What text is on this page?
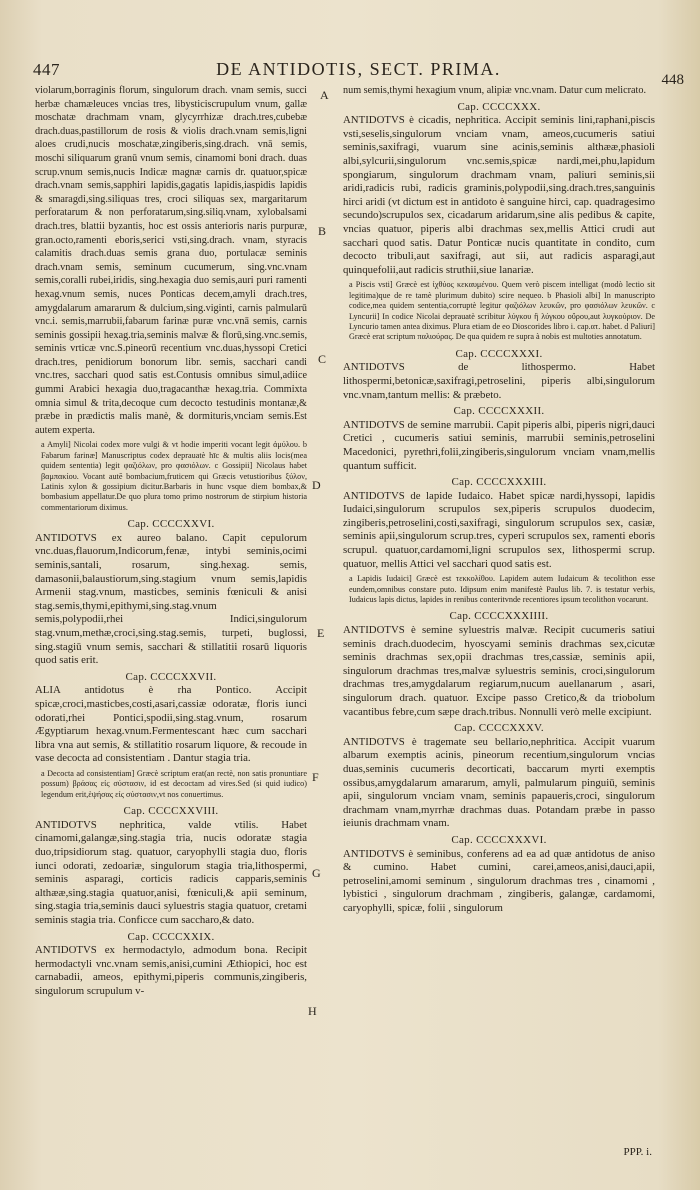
447	DE ANTIDOTIS, SECT. PRIMA.
448
A
B
C
D
E
F
G
H

violarum,borraginis florum, singulorum drach. vnam semis, succi herbæ chamæleuces vncias tres, libysticiscrupulum vnum, gallæ moschatæ drachmam vnam, glycyrrhizæ drach.tres,cubebæ drach.duas,pastillorum de rosis & violis drach.vnam semis,ligni aloes crudi,nucis moschatæ,zingiberis,sing.drach. vnā semis, moschi siliquarum granū vnum semis, cinamomi boni drach. duas scrup.vnum semis,nucis Indicæ magnæ carnis dr. quatuor,spicæ drach.vnam semis,sapphiri lapidis,gagatis lapidis,iaspidis lapidis & smaragdi,sing.siliquas tres, croci siliquas sex, margaritarum perforatarum & non perforatarum,sing.siliq.vnam, xylobalsami drach.tres, blattii byzantis, hoc est ossis anterioris naris purpuræ, gran.octo,ramenti eboris,serici vsti,sing.drach. vnam, styracis calamitis drach.duas semis grana duo, portulacæ seminis drach.vnam semis, seminum cucumerum, sing.vnc.vnam semis,coralli rubei,iridis, sing.hexagia duo semis,auri puri ramenti hexag.vnum semis, nuces Ponticas decem,amyli drach.tres, amygdalarum amararum & dulcium,sing.viginti, carnis palmularū vnc.i. semis,marrubii,fabarum farinæ puræ vnc.vnā semis, carnis seminis gossipii hexag.tria,seminis malvæ & florū,sing.vnc.semis, seminis vrticæ vnc.S.pineorū recentium vnc.duas,hyssopi Cretici drach.tres, penidiorum bonorum libr. semis, sacchari candi vnc.tres, sacchari quod satis est.Contusis omnibus simul,adiice gummi Arabici hexagia duo,tragacanthæ hexag.tria. Commixta omnia simul & trita,decoque cum decocto testudinis montanæ,& præbe in prædictis malis manè, & dormituris,vnciam semis.Est autem experta.

a Amyli] Nicolai codex more vulgi & vt hodie imperiti vocant legit ἀμύλου. b Fabarum farinæ] Manuscriptus codex deprauatè hīc & multis aliis locis(mea quidem sententia) legit φαζιόλων, pro φασιόλων. c Gossipii] Nicolaus habet βαμπακίου. Vocant autē bombacium,fruticem qui Græcis vetustioribus ξύλον, Latinis xylon & gossipium dicitur.Barbaris in hunc vsque diem bombax,& bombasium appellatur.De quo plura tomo primo nostrorum de stirpium historia commentariorum diximus.
Cap. CCCCXXVI.

ANTIDOTVS ex aureo balano. Capit cepulorum vnc.duas,flauorum,Indicorum,fenæ, intybi seminis,ocimi seminis,santali, rosarum, sing.hexag. semis, damasonii,balaustiorum,sing.stagium vnum semis,lapidis Armenii stag.vnum, masticbes, seminis fœniculi & anisi stag.semis,thymi,epithymi,sing.stag.vnum semis,polypodii,rhei Indici,singulorum stag.vnum,methæ,croci,sing.stag.semis, turpeti, buglossi, sing.stagiū vnum semis, sacchari & stillatitii rosarū liquoris quod satis erit.

Cap. CCCCXXVII.

ALIA antidotus è rha Pontico. Accipit spicæ,croci,masticbes,costi,asari,cassiæ odoratæ, floris iunci odorati,rhei Pontici,spodii,sing.stag.vnum, rosarum Ægyptiarum hexag.vnum.Fermentescant hæc cum sacchari libra vna aut semis, & stillatitio rosarum liquore, & recoude in vase decocta ad consistentiam . Dantur stagia tria.

a Decocta ad consistentiam] Græcè scriptum erat(an rectè, non satis pronuntiare possum) βράσας εἰς σύστασιν, id est decoctam ad vires.Sed (si quid iudico) legendum erit,ἑψήσας εἰς σύστασιν,vt nos conuertimus.
Cap. CCCCXXVIII.

ANTIDOTVS nephritica, valde vtilis. Habet cinamomi,galangæ,sing.stagia tria, nucis odoratæ stagia duo,tripsidiorum stag. quatuor, caryophylli stagia duo, floris iunci odorati, zedoariæ, singulorum stagia tria,lithospermi, seminis asparagi, corticis radicis capparis,seminis althææ,sing.stagia quatuor,anisi, fœniculi,& apii seminum, sing.stagia tria,seminis dauci syluestris stagia quatuor, cretami seminis stagia tria. Conficce cum saccharo,& dato.

Cap. CCCCXXIX.

ANTIDOTVS ex hermodactylo, admodum bona. Recipit hermodactyli vnc.vnam semis,anisi,cumini Æthiopici, hoc est carnabadii, ameos, epithymi,piperis communis,zingiberis, singulorum scrupulum v-

num semis,thymi hexagium vnum, alipiæ vnc.vnam. Datur cum melicrato.

Cap. CCCCXXX.

ANTIDOTVS è cicadis, nephritica. Accipit seminis lini,raphani,piscis vsti,seselis,singulorum vnciam vnam, ameos,cucumeris satiui seminis,saxifragi, vuarum sine acinis,seminis althææ,phasioli albi,sylcurii,singulorum vnc.semis,spicæ nardi,mei,phu,lapidum spongiarum, singulorum drachmam vnam, paliuri seminis,sii aridi,radicis rubi, radicis graminis,polypodii,sing.drach.tres,sanguinis hirci aridi (vt dictum est in antidoto è sanguine hirci, cap. quadragesimo secundo)scrupulos sex, cicadarum aridarum,sine alis pedibus & capite, vncias quatuor, piperis albi drachmas sex,mellis Attici crudi aut sacchari quod satis. Datur Ponticæ nucis quantitate in condito, cum decocto tribuli,aut saxifragi, aut sii, aut radicis asparagi,aut quinquefolii,aut radicis struthii,siue lanariæ.

a Piscis vsti] Græcè est ἰχθύος κεκαυμένου. Quem verò piscem intelligat (modò lectio sit legitima)que de re tamè plurimum dubito) scire nequeo. b Phasioli albi] In manuscripto codice,mea quidem sententia,corruptè legitur φαζιόλων λευκῶν, pro φασιόλων λευκῶν. c Lyncurii] In codice Nicolai deprauatè scribitur λύγκου ἢ λύγκου οὔρου,aut λυγκούριον. De Lyncurio tamen antea diximus. Plura etiam de eo Dioscorides libro i. cap.ατ. habet. d Paliuri] Græcè erat scriptum παλιούρας. De qua quidem re supra à nobis est multoties annotatum.
Cap. CCCCXXXI.

ANTIDOTVS de lithospermo. Habet lithospermi,betonicæ,saxifragi,petroselini, piperis albi,singulorum vnc.vnam,tantum mellis: & præbeto.

Cap. CCCCXXXII.

ANTIDOTVS de semine marrubii. Capit piperis albi, piperis nigri,dauci Cretici , cucumeris satiui seminis, marrubii seminis,petroselini Macedonici, pyrethri,folii,zingiberis,singulorum vnciam vnam,mellis quantum sufficit.

Cap. CCCCXXXIII.

ANTIDOTVS de lapide Iudaico. Habet spicæ nardi,hyssopi, lapidis Iudaici,singulorum scrupulos sex,piperis scrupulos duodecim, zingiberis,petroselini,costi,saxifragi, singulorum scrupulos sex, casiæ, seminis apii,singulorum scrup.tres, cyperi scrupulos sex, ramenti eboris scrupul. quatuor,cardamomi,ligni scrupulos sex, lithospermi scrup. quatuor, mellis Attici vel sacchari quod satis est.

a Lapidis Iudaici] Græcè est τεκκολίθου. Lapidem autem Iudaicum & tecolithon esse eundem,omnibus constare puto. Idipsum enim manifestè Paulus lib. 7. is testatur verbis, Iudaicus lapis dictus, lapides in renibus conteritvnde recentiores ipsum tecolithon vocarunt.
Cap. CCCCXXXIIII.

ANTIDOTVS è semine syluestris malvæ. Recipit cucumeris satiui seminis drach.duodecim, hyoscyami seminis drachmas sex,cicutæ seminis drachmas sex,opii drachmas tres,cassiæ, seminis apii, singulorum drachmas tres,malvæ syluestris seminis, croci,singulorum drachmas tres,amygdalarum regiarum,nucum auellanarum , asari, singulorum drach. quatuor. Excipe passo Cretico,& da triobolum vacantibus febre,cum sæpe drach.tribus. Nonnulli verò melle excipiunt.

Cap. CCCCXXXV.

ANTIDOTVS è tragemate seu bellario,nephritica. Accipit vuarum albarum exemptis acinis, pineorum recentium,singulorum vncias duas,seminis cucumeris decorticati, baccarum myrti exemptis ossibus,amygdalarum amararum, amyli, palmularum pinguiū, seminis apii, singulorum vnciam vnam, seminis papaueris,croci, singulorum drachmam vnam,myrrhæ drachmas duas. Potandam præbe in passo ieiunis drachmam vnam.

Cap. CCCCXXXVI.

ANTIDOTVS è seminibus, conferens ad ea ad quæ antidotus de aniso & cumino. Habet cumini, carei,ameos,anisi,dauci,apii, petroselini,amomi seminum , singulorum drachmas tres , cinamomi , lybistici , singulorum drachmam , zingiberis, galangæ, cardamomi, caryophylli, spicæ, folii , singulorum

PPP. i.
